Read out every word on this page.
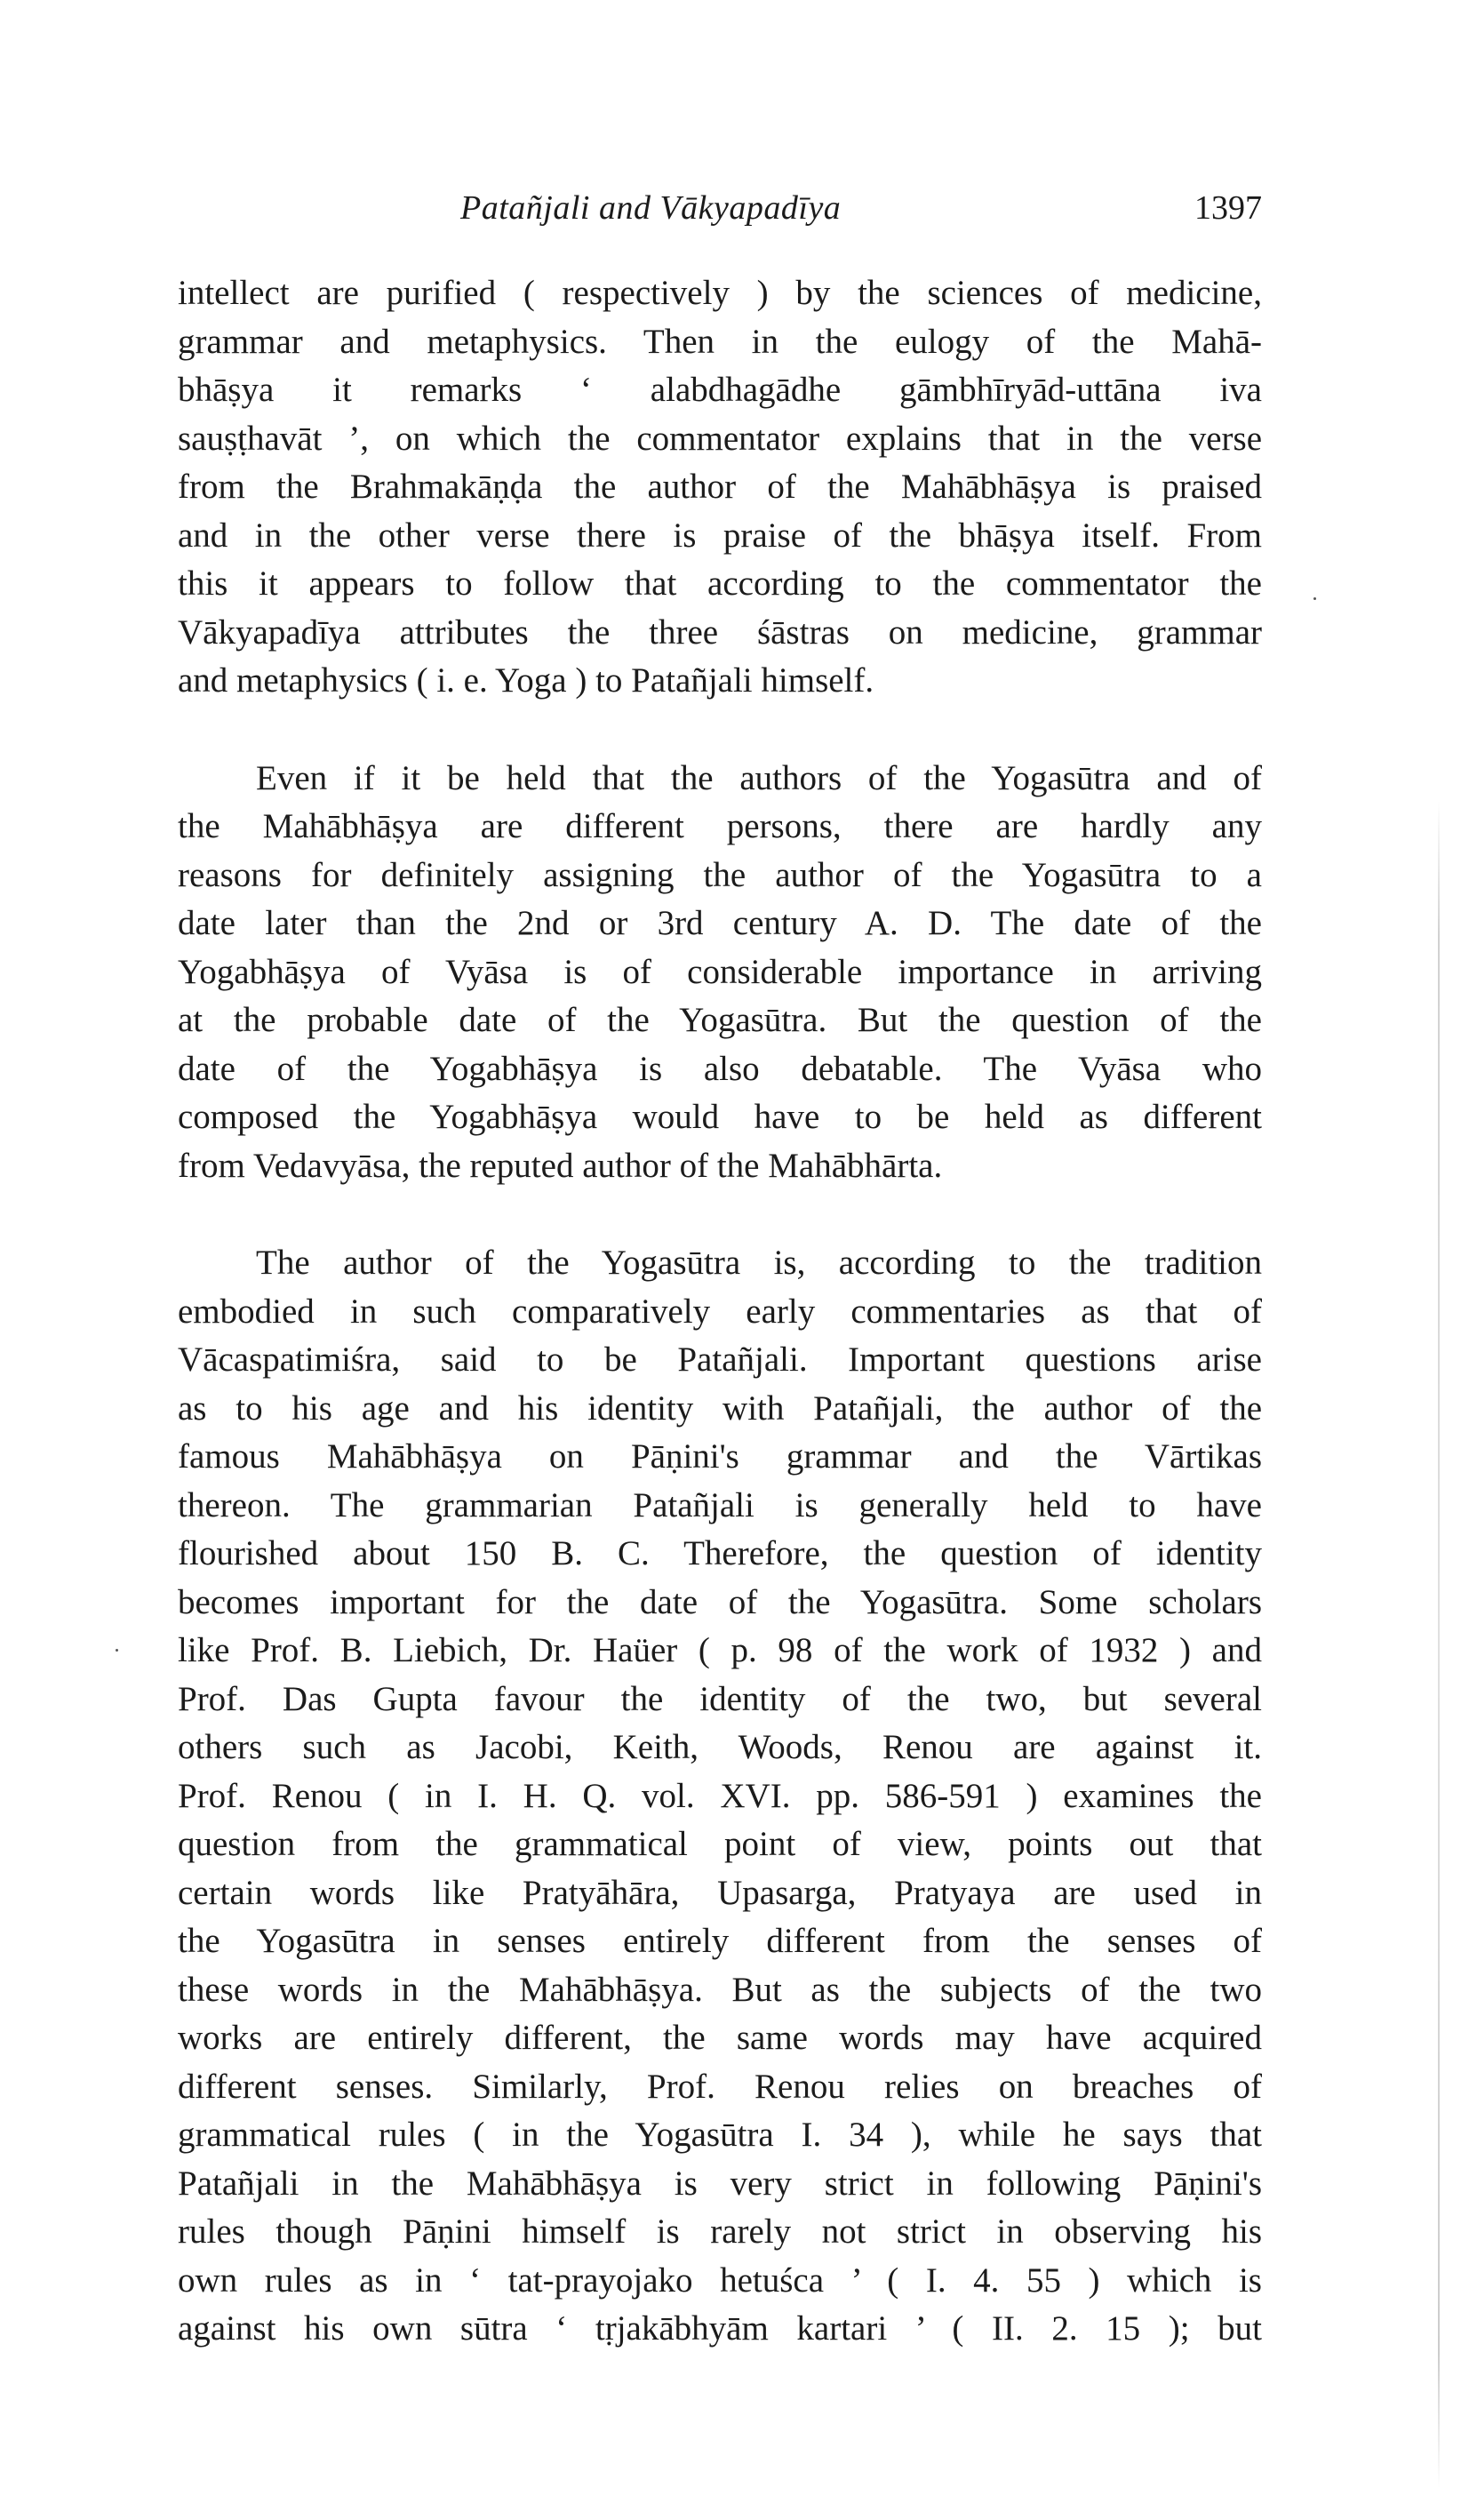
Patañjali and Vākyapadīya	1397
intellect are purified ( respectively ) by the sciences of medicine,
grammar and metaphysics. Then in the eulogy of the Mahā-
bhāṣya it remarks ‘ alabdhagādhe gāmbhīryād-uttāna iva
sauṣṭhavāt ’, on which the commentator explains that in the verse
from the Brahmakāṇḍa the author of the Mahābhāṣya is praised
and in the other verse there is praise of the bhāṣya itself. From
this it appears to follow that according to the commentator the
Vākyapadīya attributes the three śāstras on medicine, grammar
and metaphysics ( i. e. Yoga ) to Patañjali himself.
Even if it be held that the authors of the Yogasūtra and of
the Mahābhāṣya are different persons, there are hardly any
reasons for definitely assigning the author of the Yogasūtra to a
date later than the 2nd or 3rd century A. D. The date of the
Yogabhāṣya of Vyāsa is of considerable importance in arriving
at the probable date of the Yogasūtra. But the question of the
date of the Yogabhāṣya is also debatable. The Vyāsa who
composed the Yogabhāṣya would have to be held as different
from Vedavyāsa, the reputed author of the Mahābhārta.
The author of the Yogasūtra is, according to the tradition
embodied in such comparatively early commentaries as that of
Vācaspatimiśra, said to be Patañjali. Important questions arise
as to his age and his identity with Patañjali, the author of the
famous Mahābhāṣya on Pāṇini's grammar and the Vārtikas
thereon. The grammarian Patañjali is generally held to have
flourished about 150 B. C. Therefore, the question of identity
becomes important for the date of the Yogasūtra. Some scholars
like Prof. B. Liebich, Dr. Haüer ( p. 98 of the work of 1932 ) and
Prof. Das Gupta favour the identity of the two, but several
others such as Jacobi, Keith, Woods, Renou are against it.
Prof. Renou ( in I. H. Q. vol. XVI. pp. 586-591 ) examines the
question from the grammatical point of view, points out that
certain words like Pratyāhāra, Upasarga, Pratyaya are used in
the Yogasūtra in senses entirely different from the senses of
these words in the Mahābhāṣya. But as the subjects of the two
works are entirely different, the same words may have acquired
different senses. Similarly, Prof. Renou relies on breaches of
grammatical rules ( in the Yogasūtra I. 34 ), while he says that
Patañjali in the Mahābhāṣya is very strict in following Pāṇini's
rules though Pāṇini himself is rarely not strict in observing his
own rules as in ‘ tat-prayojako hetuśca ’ ( I. 4. 55 ) which is
against his own sūtra ‘ tṛjakābhyām kartari ’ ( II. 2. 15 ); but
